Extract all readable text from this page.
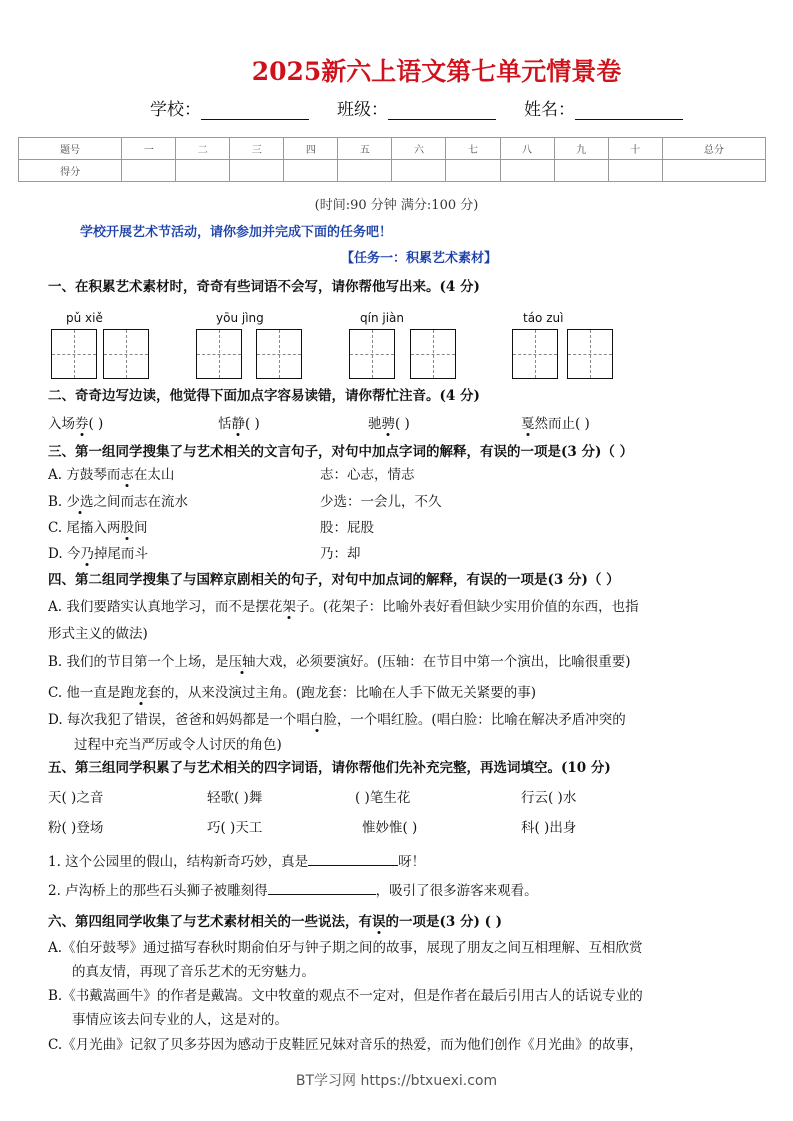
2025新六上语文第七单元情景卷
学校：	班级：	姓名：
题号	一	二	三	四	五	六	七	八	九	十	总分
得分											
(时间:90 分钟 满分:100 分)
学校开展艺术节活动，请你参加并完成下面的任务吧！
【任务一：积累艺术素材】
一、在积累艺术素材时，奇奇有些词语不会写，请你帮他写出来。(4 分)
pǔ xiě	yōu jìng	qín jiàn	táo zuì
二、奇奇边写边读，他觉得下面加点字容易读错，请你帮忙注音。(4 分)
入场券( )	恬静( )	驰骋( )	戛然而止( )
三、第一组同学搜集了与艺术相关的文言句子，对句中加点字词的解释，有误的一项是(3 分)（ ）
A. 方鼓琴而志在太山	志：心志，情志
B. 少选之间而志在流水	少选：一会儿，不久
C. 尾搐入两股间	股：屁股
D. 今乃掉尾而斗	乃：却
四、第二组同学搜集了与国粹京剧相关的句子，对句中加点词的解释，有误的一项是(3 分)（ ）
A. 我们要踏实认真地学习，而不是摆花架子。(花架子：比喻外表好看但缺少实用价值的东西，也指
形式主义的做法)
B. 我们的节目第一个上场，是压轴大戏，必须要演好。(压轴：在节目中第一个演出，比喻很重要)
C. 他一直是跑龙套的，从来没演过主角。(跑龙套：比喻在人手下做无关紧要的事)
D. 每次我犯了错误，爸爸和妈妈都是一个唱白脸，一个唱红脸。(唱白脸：比喻在解决矛盾冲突的
过程中充当严厉或令人讨厌的角色)
五、第三组同学积累了与艺术相关的四字词语，请你帮他们先补充完整，再选词填空。(10 分)
天( )之音	轻歌( )舞	( )笔生花	行云( )水
粉( )登场	巧( )天工	惟妙惟( )	科( )出身
1. 这个公园里的假山，结构新奇巧妙，真是	呀！
2. 卢沟桥上的那些石头狮子被雕刻得	，吸引了很多游客来观看。
六、第四组同学收集了与艺术素材相关的一些说法，有误的一项是(3 分) ( )
A.《伯牙鼓琴》通过描写春秋时期俞伯牙与钟子期之间的故事，展现了朋友之间互相理解、互相欣赏
的真友情，再现了音乐艺术的无穷魅力。
B.《书戴嵩画牛》的作者是戴嵩。文中牧童的观点不一定对，但是作者在最后引用古人的话说专业的
事情应该去问专业的人，这是对的。
C.《月光曲》记叙了贝多芬因为感动于皮鞋匠兄妹对音乐的热爱，而为他们创作《月光曲》的故事，
BT学习网 https://btxuexi.com
